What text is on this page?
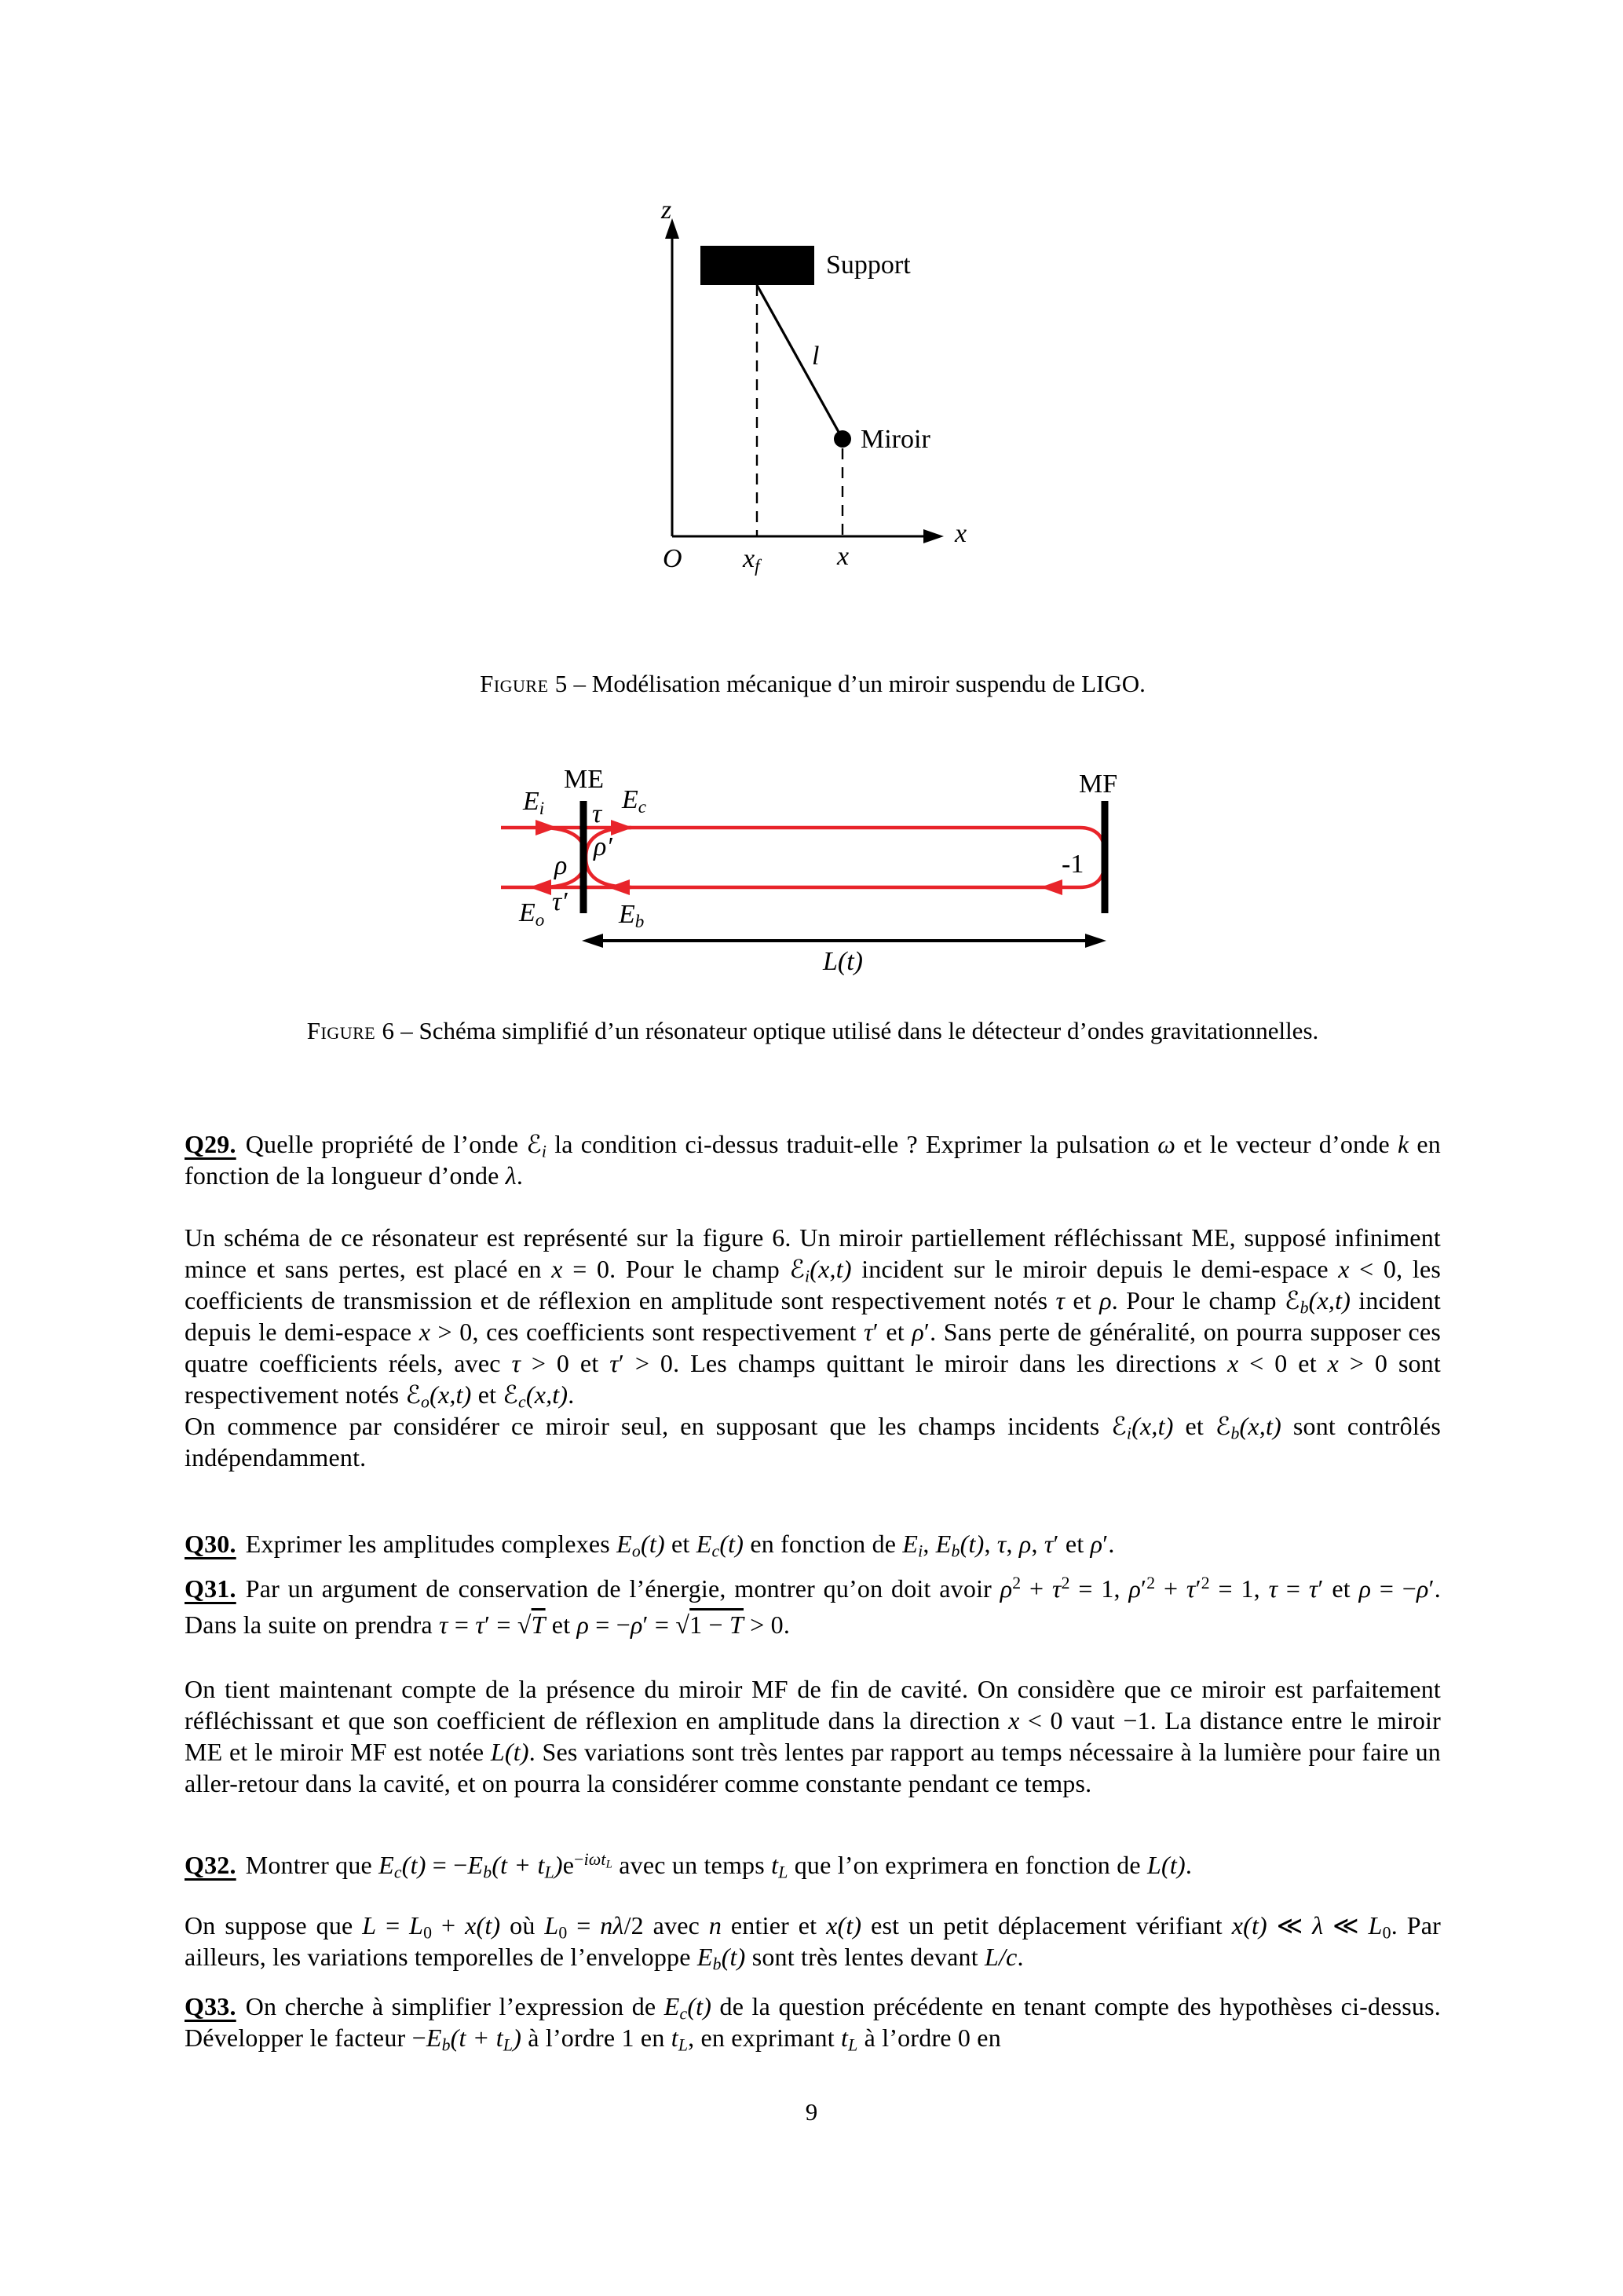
z
Support
l
Miroir
x
O $x_f$	x
Figure 5 – Modélisation mécanique d’un miroir suspendu de LIGO.
ME	MF
$E_i$ τ $E_c$
ρ′
ρ
τ′
$E_o$	$E_b$
-1
L(t)
Figure 6 – Schéma simplifié d’un résonateur optique utilisé dans le détecteur d’ondes gravitationnelles.

Q29. Quelle propriété de l’onde ℰ$_i$ la condition ci-dessus traduit-elle ? Exprimer la pulsation ω et le vecteur d’onde k en fonction de la longueur d’onde λ.

Un schéma de ce résonateur est représenté sur la figure 6. Un miroir partiellement réfléchissant ME, supposé infiniment mince et sans pertes, est placé en x = 0. Pour le champ ℰ$_i$(x,t) incident sur le miroir depuis le demi-espace x < 0, les coefficients de transmission et de réflexion en amplitude sont respectivement notés τ et ρ. Pour le champ ℰ$_b$(x,t) incident depuis le demi-espace x > 0, ces coefficients sont respectivement τ′ et ρ′. Sans perte de généralité, on pourra supposer ces quatre coefficients réels, avec τ > 0 et τ′ > 0. Les champs quittant le miroir dans les directions x < 0 et x > 0 sont respectivement notés ℰ$_o$(x,t) et ℰ$_c$(x,t).
On commence par considérer ce miroir seul, en supposant que les champs incidents ℰ$_i$(x,t) et ℰ$_b$(x,t) sont contrôlés indépendamment.

Q30. Exprimer les amplitudes complexes $E_o(t)$ et $E_c(t)$ en fonction de $E_i$, $E_b(t)$, τ, ρ, τ′ et ρ′.

Q31. Par un argument de conservation de l’énergie, montrer qu’on doit avoir $\rho^2 + \tau^2 = 1$, $\rho'^2 + \tau'^2 = 1$, τ = τ′ et ρ = −ρ′. Dans la suite on prendra τ = τ′ = √T et ρ = −ρ′ = √1 − T > 0.

On tient maintenant compte de la présence du miroir MF de fin de cavité. On considère que ce miroir est parfaitement réfléchissant et que son coefficient de réflexion en amplitude dans la direction x < 0 vaut −1. La distance entre le miroir ME et le miroir MF est notée L(t). Ses variations sont très lentes par rapport au temps nécessaire à la lumière pour faire un aller-retour dans la cavité, et on pourra la considérer comme constante pendant ce temps.

Q32. Montrer que $E_c(t) = -E_b(t + t_L)e^{-i\omega t_L}$ avec un temps $t_L$ que l’on exprimera en fonction de L(t).

On suppose que $L = L_0 + x(t)$ où $L_0 = n\lambda/2$ avec n entier et x(t) est un petit déplacement vérifiant x(t) ≪ λ ≪ $L_0$. Par ailleurs, les variations temporelles de l’enveloppe $E_b(t)$ sont très lentes devant L/c.

Q33. On cherche à simplifier l’expression de $E_c(t)$ de la question précédente en tenant compte des hypothèses ci-dessus. Développer le facteur $-E_b(t + t_L)$ à l’ordre 1 en $t_L$, en exprimant $t_L$ à l’ordre 0 en

9
